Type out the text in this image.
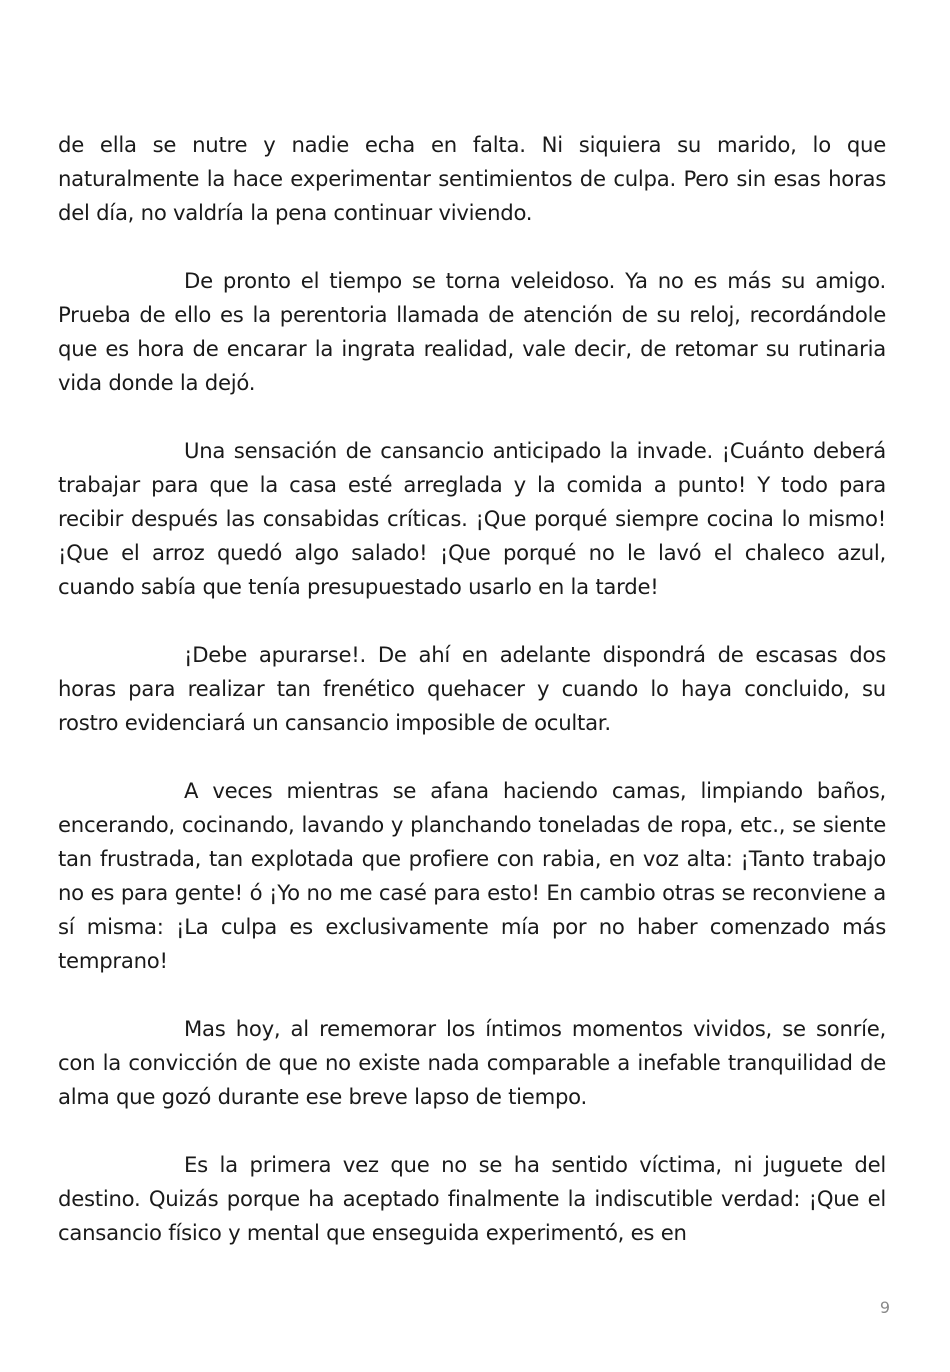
de ella se nutre y nadie echa en falta. Ni siquiera su marido, lo que naturalmente la hace experimentar sentimientos de culpa. Pero sin esas horas del día, no valdría la pena continuar viviendo.

De pronto el tiempo se torna veleidoso. Ya no es más su amigo. Prueba de ello es la perentoria llamada de atención de su reloj, recordándole que es hora de encarar la ingrata realidad, vale decir, de retomar su rutinaria vida donde la dejó.

Una sensación de cansancio anticipado la invade. ¡Cuánto deberá trabajar para que la casa esté arreglada y la comida a punto! Y todo para recibir después las consabidas críticas. ¡Que porqué siempre cocina lo mismo! ¡Que el arroz quedó algo salado! ¡Que porqué no le lavó el chaleco azul, cuando sabía que tenía presupuestado usarlo en la tarde!

¡Debe apurarse!. De ahí en adelante dispondrá de escasas dos horas para realizar tan frenético quehacer y cuando lo haya concluido, su rostro evidenciará un cansancio imposible de ocultar.

A veces mientras se afana haciendo camas, limpiando baños, encerando, cocinando, lavando y planchando toneladas de ropa, etc., se siente tan frustrada, tan explotada que profiere con rabia, en voz alta: ¡Tanto trabajo no es para gente! ó ¡Yo no me casé para esto! En cambio otras se reconviene a sí misma: ¡La culpa es exclusivamente mía por no haber comenzado más temprano!

Mas hoy, al rememorar los íntimos momentos vividos, se sonríe, con la convicción de que no existe nada comparable a inefable tranquilidad de alma que gozó durante ese breve lapso de tiempo.

Es la primera vez que no se ha sentido víctima, ni juguete del destino. Quizás porque ha aceptado finalmente la indiscutible verdad: ¡Que el cansancio físico y mental que enseguida experimentó, es en

9
